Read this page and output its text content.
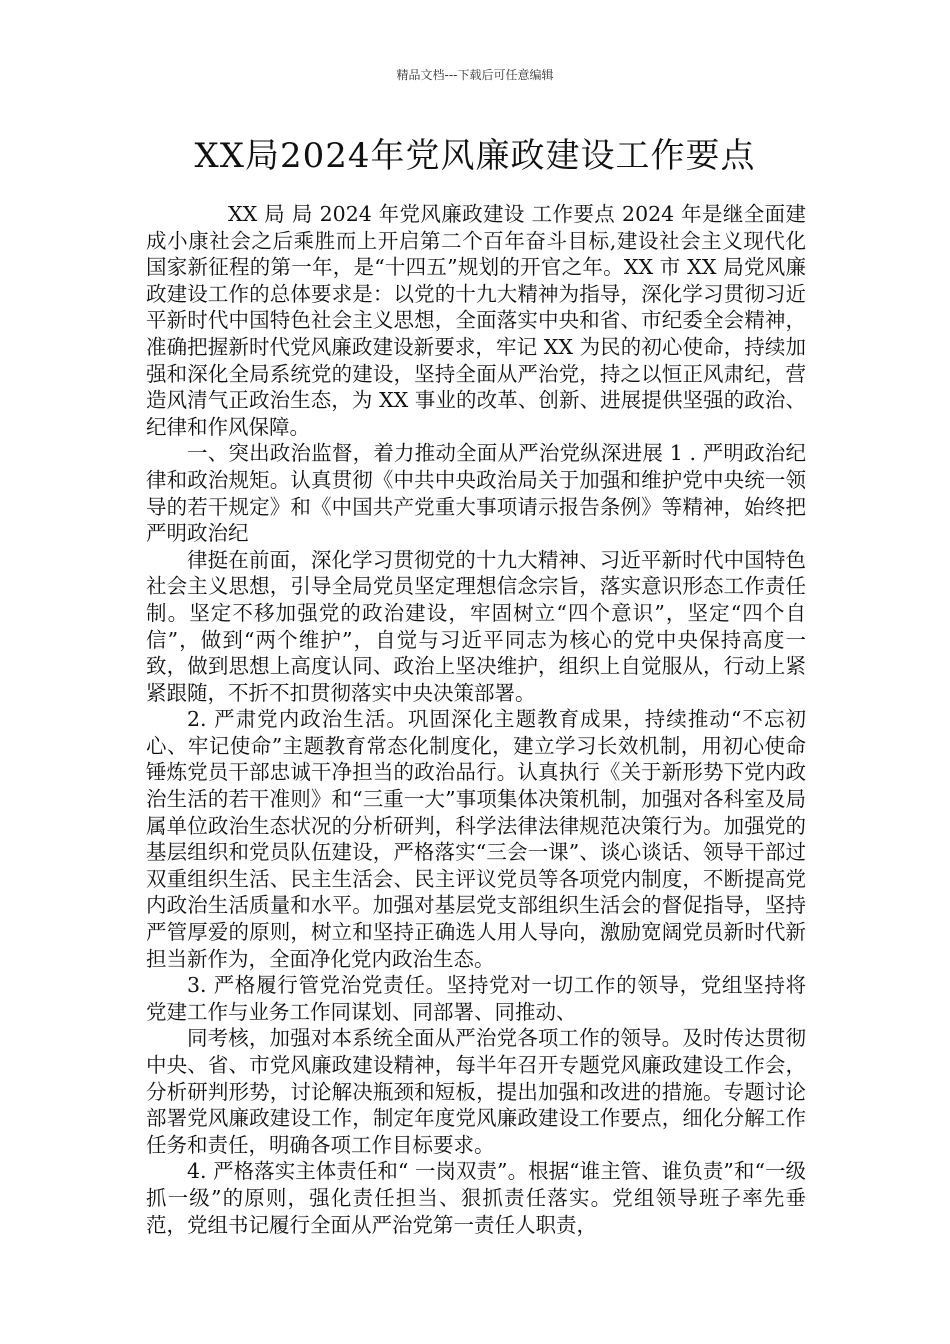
精品文档---下载后可任意编辑
XX局2024年党风廉政建设工作要点

XX 局 局 2024 年党风廉政建设 工作要点 2024 年是继全面建成小康社会之后乘胜而上开启第二个百年奋斗目标,建设社会主义现代化国家新征程的第一年，是“十四五”规划的开官之年。XX 市 XX 局党风廉政建设工作的总体要求是：以党的十九大精神为指导，深化学习贯彻习近平新时代中国特色社会主义思想，全面落实中央和省、市纪委全会精神，准确把握新时代党风廉政建设新要求，牢记 XX 为民的初心使命，持续加强和深化全局系统党的建设，坚持全面从严治党，持之以恒正风肃纪，营造风清气正政治生态，为 XX 事业的改革、创新、进展提供坚强的政治、纪律和作风保障。

一、突出政治监督，着力推动全面从严治党纵深进展 1 . 严明政治纪律和政治规矩。认真贯彻《中共中央政治局关于加强和维护党中央统一领导的若干规定》和《中国共产党重大事项请示报告条例》等精神，始终把严明政治纪

律挺在前面，深化学习贯彻党的十九大精神、习近平新时代中国特色社会主义思想，引导全局党员坚定理想信念宗旨，落实意识形态工作责任制。坚定不移加强党的政治建设，牢固树立“四个意识”，坚定“四个自信”，做到“两个维护”，自觉与习近平同志为核心的党中央保持高度一致，做到思想上高度认同、政治上坚决维护，组织上自觉服从，行动上紧紧跟随，不折不扣贯彻落实中央决策部署。

2. 严肃党内政治生活。巩固深化主题教育成果，持续推动“不忘初心、牢记使命”主题教育常态化制度化，建立学习长效机制，用初心使命锤炼党员干部忠诚干净担当的政治品行。认真执行《关于新形势下党内政治生活的若干准则》和“三重一大”事项集体决策机制，加强对各科室及局属单位政治生态状况的分析研判，科学法律法律规范决策行为。加强党的基层组织和党员队伍建设，严格落实“三会一课”、谈心谈话、领导干部过双重组织生活、民主生活会、民主评议党员等各项党内制度，不断提高党内政治生活质量和水平。加强对基层党支部组织生活会的督促指导，坚持严管厚爱的原则，树立和坚持正确选人用人导向，激励宽阔党员新时代新担当新作为，全面净化党内政治生态。

3. 严格履行管党治党责任。坚持党对一切工作的领导，党组坚持将党建工作与业务工作同谋划、同部署、同推动、

同考核，加强对本系统全面从严治党各项工作的领导。及时传达贯彻中央、省、市党风廉政建设精神，每半年召开专题党风廉政建设工作会，分析研判形势，讨论解决瓶颈和短板，提出加强和改进的措施。专题讨论部署党风廉政建设工作，制定年度党风廉政建设工作要点，细化分解工作任务和责任，明确各项工作目标要求。

4. 严格落实主体责任和“ 一岗双责”。根据“谁主管、谁负责”和“一级抓一级”的原则，强化责任担当、狠抓责任落实。党组领导班子率先垂范，党组书记履行全面从严治党第一责任人职责，
